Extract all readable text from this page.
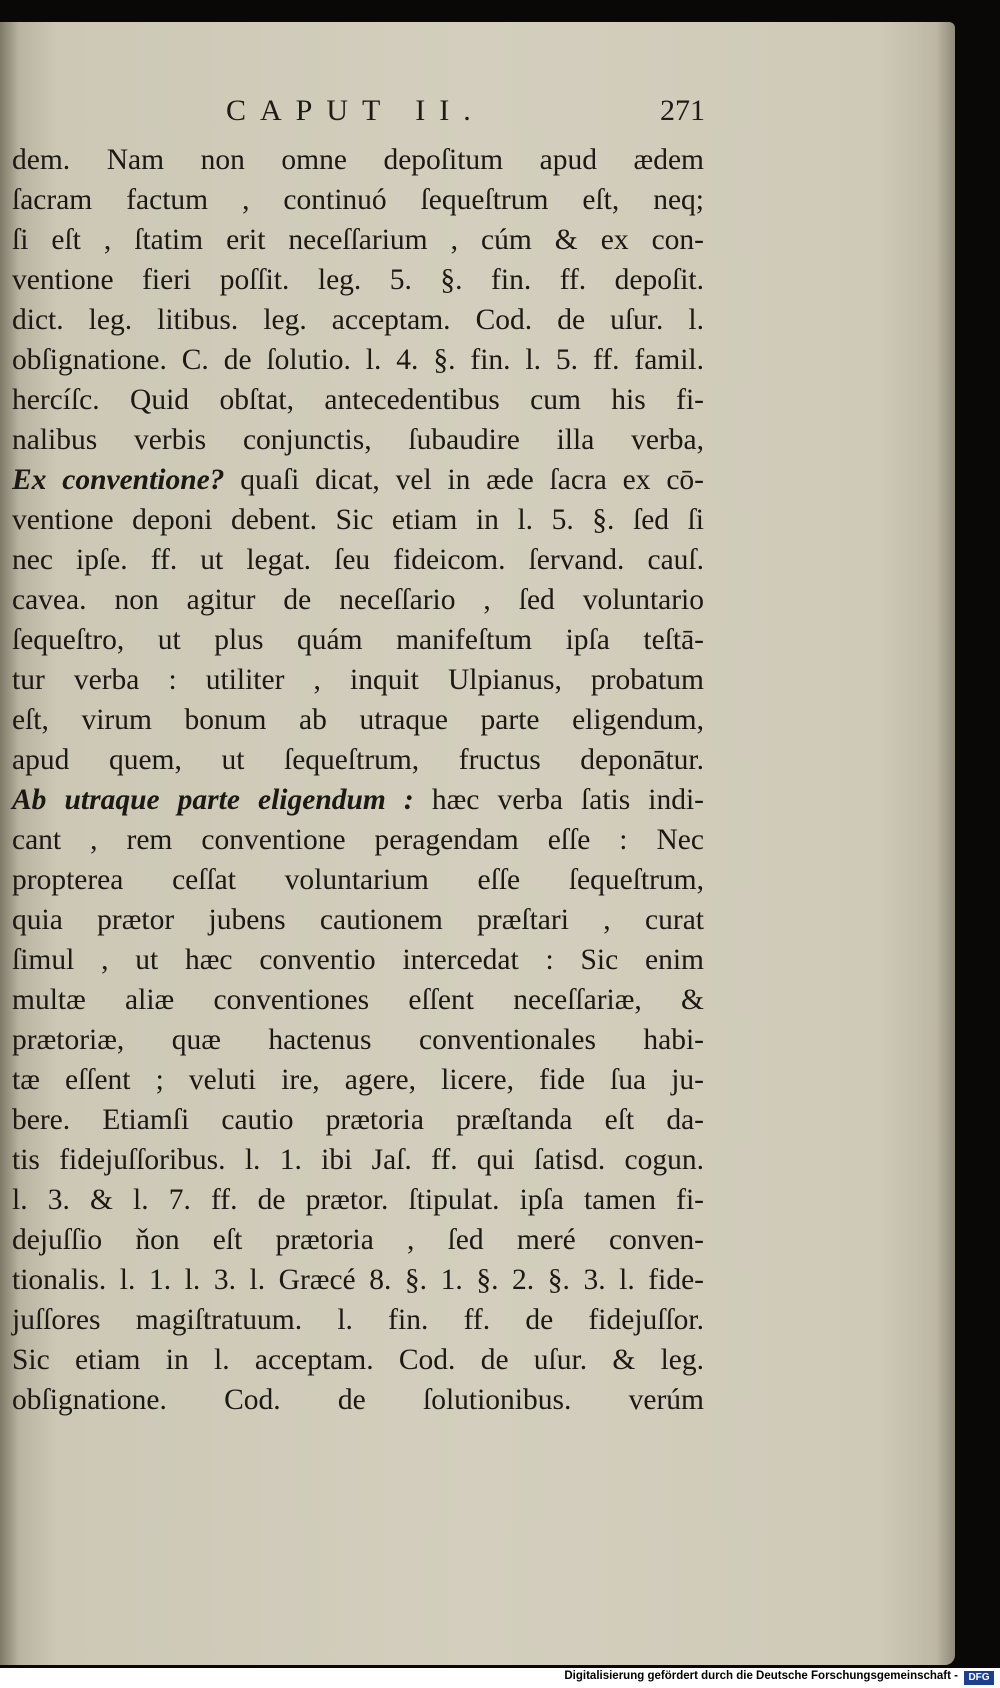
CAPUT II.	271
dem. Nam non omne depoſitum apud ædem
ſacram factum , continuó ſequeſtrum eſt, neq;
ſi eſt , ſtatim erit neceſſarium , cúm & ex con-
ventione fieri poſſit. leg. 5. §. fin. ff. depoſit.
dict. leg. litibus. leg. acceptam. Cod. de uſur. l.
obſignatione. C. de ſolutio. l. 4. §. fin. l. 5. ff. famil.
hercíſc. Quid obſtat, antecedentibus cum his fi-
nalibus verbis conjunctis, ſubaudire illa verba,
Ex conventione? quaſi dicat, vel in æde ſacra ex cō-
ventione deponi debent. Sic etiam in l. 5. §. ſed ſi
nec ipſe. ff. ut legat. ſeu fideicom. ſervand. cauſ.
cavea. non agitur de neceſſario , ſed voluntario
ſequeſtro, ut plus quám manifeſtum ipſa teſtā-
tur verba : utiliter , inquit Ulpianus, probatum
eſt, virum bonum ab utraque parte eligendum,
apud quem, ut ſequeſtrum, fructus deponātur.
Ab utraque parte eligendum : hæc verba ſatis indi-
cant , rem conventione peragendam eſſe : Nec
propterea ceſſat voluntarium eſſe ſequeſtrum,
quia prætor jubens cautionem præſtari , curat
ſimul , ut hæc conventio intercedat : Sic enim
multæ aliæ conventiones eſſent neceſſariæ, &
prætoriæ, quæ hactenus conventionales habi-
tæ eſſent ; veluti ire, agere, licere, fide ſua ju-
bere. Etiamſi cautio prætoria præſtanda eſt da-
tis fidejuſſoribus. l. 1. ibi Jaſ. ff. qui ſatisd. cogun.
l. 3. & l. 7. ff. de prætor. ſtipulat. ipſa tamen fi-
dejuſſio ňon eſt prætoria , ſed meré conven-
tionalis. l. 1. l. 3. l. Græcé 8. §. 1. §. 2. §. 3. l. fide-
juſſores magiſtratuum. l. fin. ff. de fidejuſſor.
Sic etiam in l. acceptam. Cod. de uſur. & leg.
obſignatione. Cod. de ſolutionibus. verúm
Digitalisierung gefördert durch die Deutsche Forschungsgemeinschaft -	DFG
